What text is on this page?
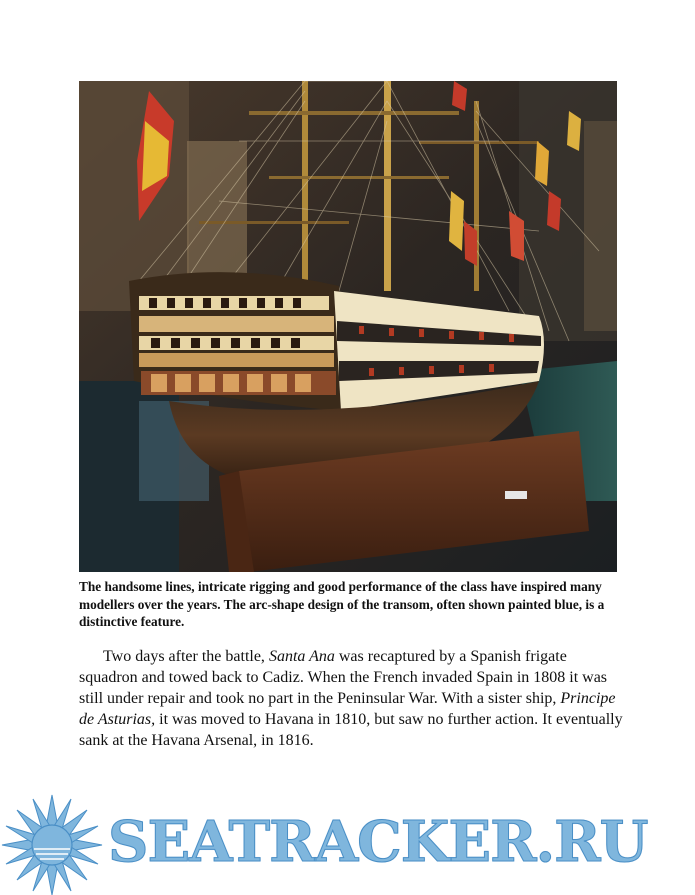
The handsome lines, intricate rigging and good performance of the class have inspired many modellers over the years. The arc-shape design of the transom, often shown painted blue, is a distinctive feature.

Two days after the battle, Santa Ana was recaptured by a Spanish frigate squadron and towed back to Cadiz. When the French invaded Spain in 1808 it was still under repair and took no part in the Peninsular War. With a sister ship, Principe de Asturias, it was moved to Havana in 1810, but saw no further action. It eventually sank at the Havana Arsenal, in 1816.

SEATRACKER.RU
